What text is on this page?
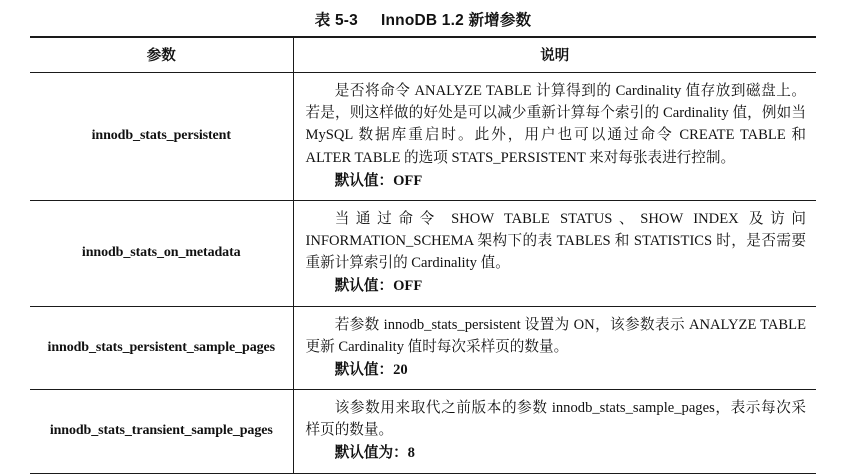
表 5-3 InnoDB 1.2 新增参数
参数	说明

innodb_stats_persistent	是否将命令 ANALYZE TABLE 计算得到的 Cardinality 值存放到磁盘上。若是，则这样做的好处是可以减少重新计算每个索引的 Cardinality 值，例如当 MySQL 数据库重启时。此外，用户也可以通过命令 CREATE TABLE 和 ALTER TABLE 的选项 STATS_PERSISTENT 来对每张表进行控制。

默认值：OFF

innodb_stats_on_metadata	当通过命令 SHOW TABLE STATUS、SHOW INDEX 及访问 INFORMATION_SCHEMA 架构下的表 TABLES 和 STATISTICS 时，是否需要重新计算索引的 Cardinality 值。

默认值：OFF

innodb_stats_persistent_sample_pages	若参数 innodb_stats_persistent 设置为 ON，该参数表示 ANALYZE TABLE 更新 Cardinality 值时每次采样页的数量。

默认值：20

innodb_stats_transient_sample_pages	该参数用来取代之前版本的参数 innodb_stats_sample_pages，表示每次采样页的数量。

默认值为：8
